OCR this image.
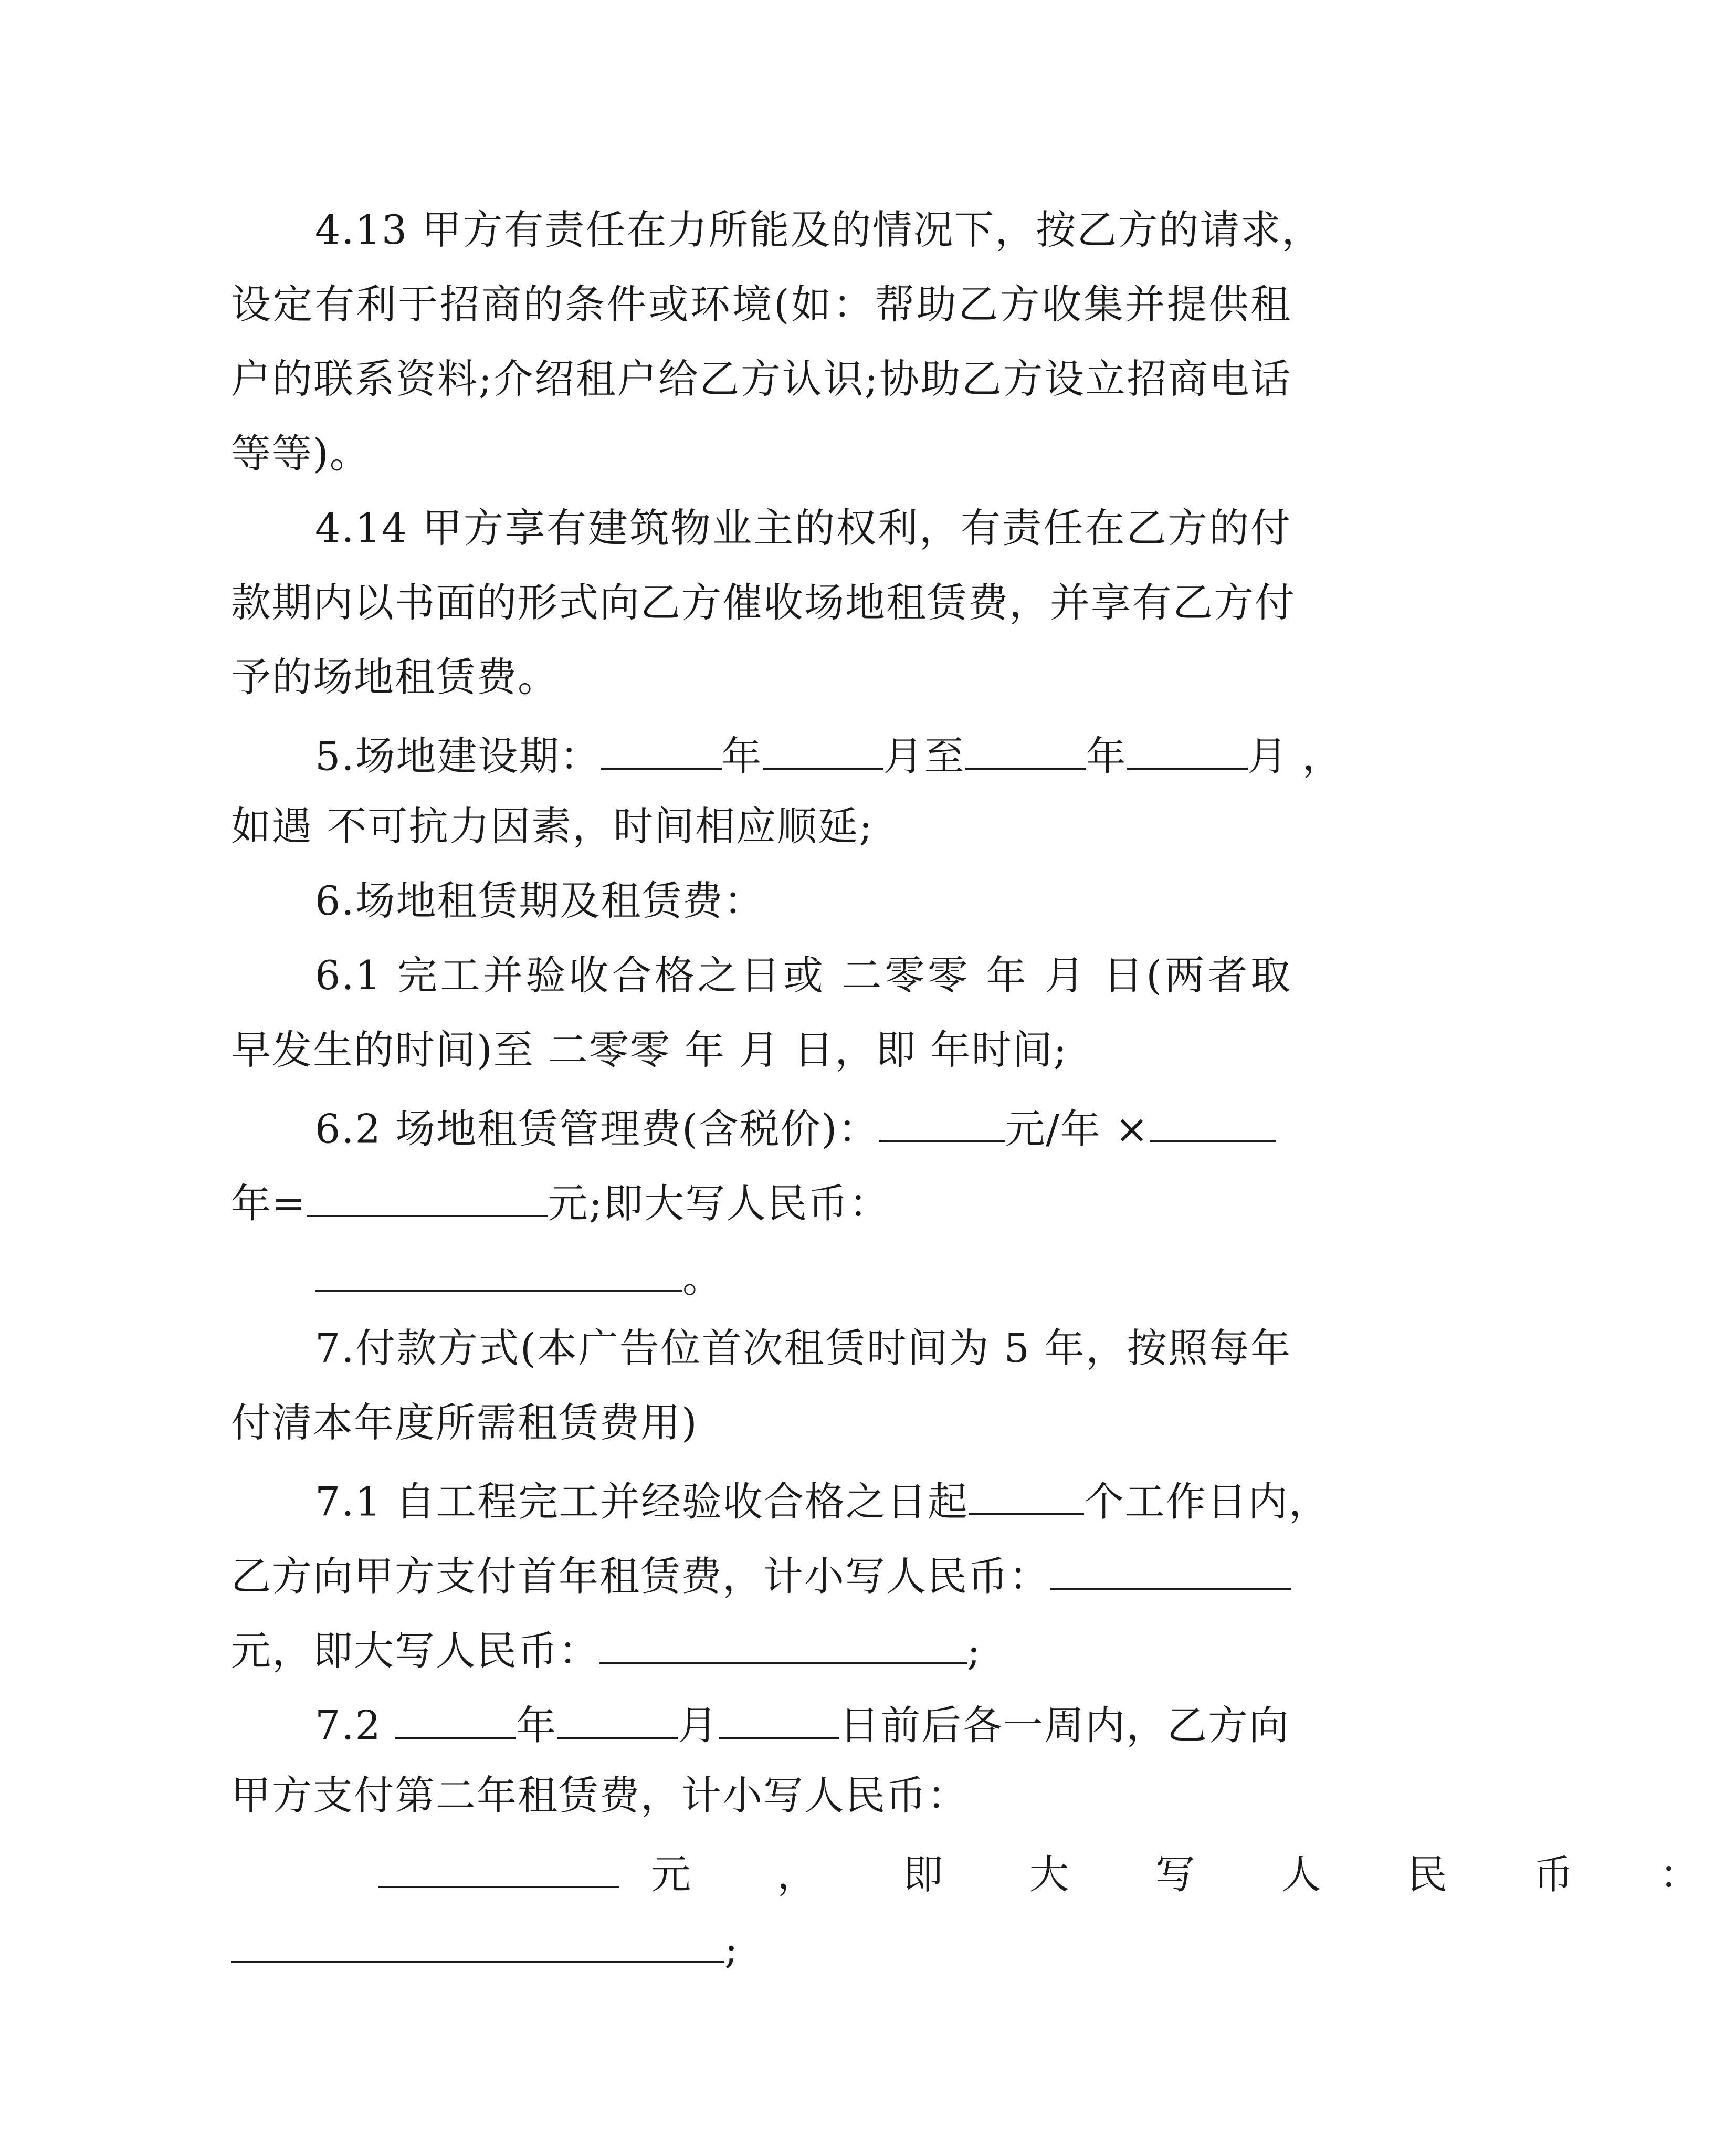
4.13 甲方有责任在力所能及的情况下，按乙方的请求，
设定有利于招商的条件或环境(如：帮助乙方收集并提供租
户的联系资料;介绍租户给乙方认识;协助乙方设立招商电话
等等)。
4.14 甲方享有建筑物业主的权利，有责任在乙方的付
款期内以书面的形式向乙方催收场地租赁费，并享有乙方付
予的场地租赁费。
5.场地建设期：	年	月至	年	月 ，
如遇 不可抗力因素，时间相应顺延;
6.场地租赁期及租赁费：
6.1 完工并验收合格之日或 二零零 年 月 日(两者取
早发生的时间)至 二零零 年 月 日，即 年时间;
6.2 场地租赁管理费(含税价)：	元/年 ×
年=	元;即大写人民币：
。
7.付款方式(本广告位首次租赁时间为 5 年，按照每年
付清本年度所需租赁费用)
7.1 自工程完工并经验收合格之日起	个工作日内，
乙方向甲方支付首年租赁费，计小写人民币：
元，即大写人民币：	;
7.2	年	月	日前后各一周内，乙方向
甲方支付第二年租赁费，计小写人民币：
元 ， 即 大 写 人 民 币 ：
;
